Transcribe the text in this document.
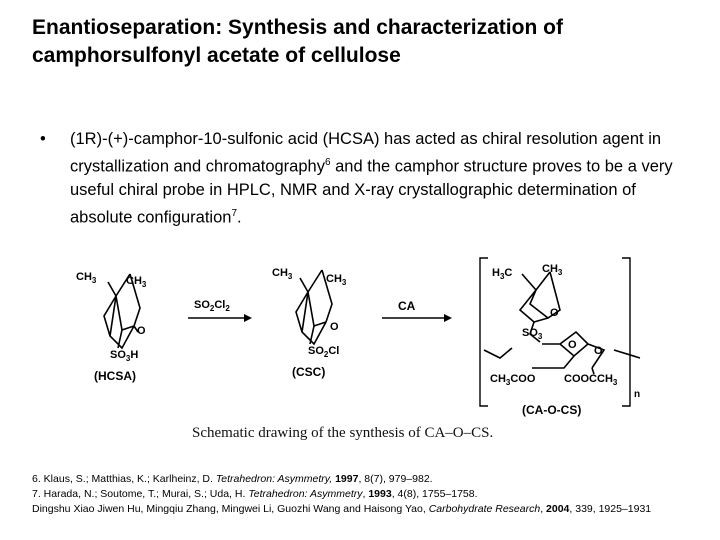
Enantioseparation: Synthesis and characterization of camphorsulfonyl acetate of cellulose
• (1R)-(+)-camphor-10-sulfonic acid (HCSA) has acted as chiral resolution agent in crystallization and chromatography$^6$ and the camphor structure proves to be a very useful chiral probe in HPLC, NMR and X-ray crystallographic determination of absolute configuration$^7$.
$CH_3$	$CH_3$
O
$SO_3H$
(HCSA)
$SO_2Cl_2$
$CH_3$	$CH_3$
O
$SO_2Cl$
(CSC)
CA
$H_3C$	$CH_3$
O
$SO_3$
O O
$CH_3COO$	$COOCCH_3$
n
(CA-O-CS)
Schematic drawing of the synthesis of CA–O–CS.
6. Klaus, S.; Matthias, K.; Karlheinz, D. Tetrahedron: Asymmetry, 1997, 8(7), 979–982.
7. Harada, N.; Soutome, T.; Murai, S.; Uda, H. Tetrahedron: Asymmetry, 1993, 4(8), 1755–1758.
Dingshu Xiao Jiwen Hu, Mingqiu Zhang, Mingwei Li, Guozhi Wang and Haisong Yao, Carbohydrate Research, 2004, 339, 1925–1931
